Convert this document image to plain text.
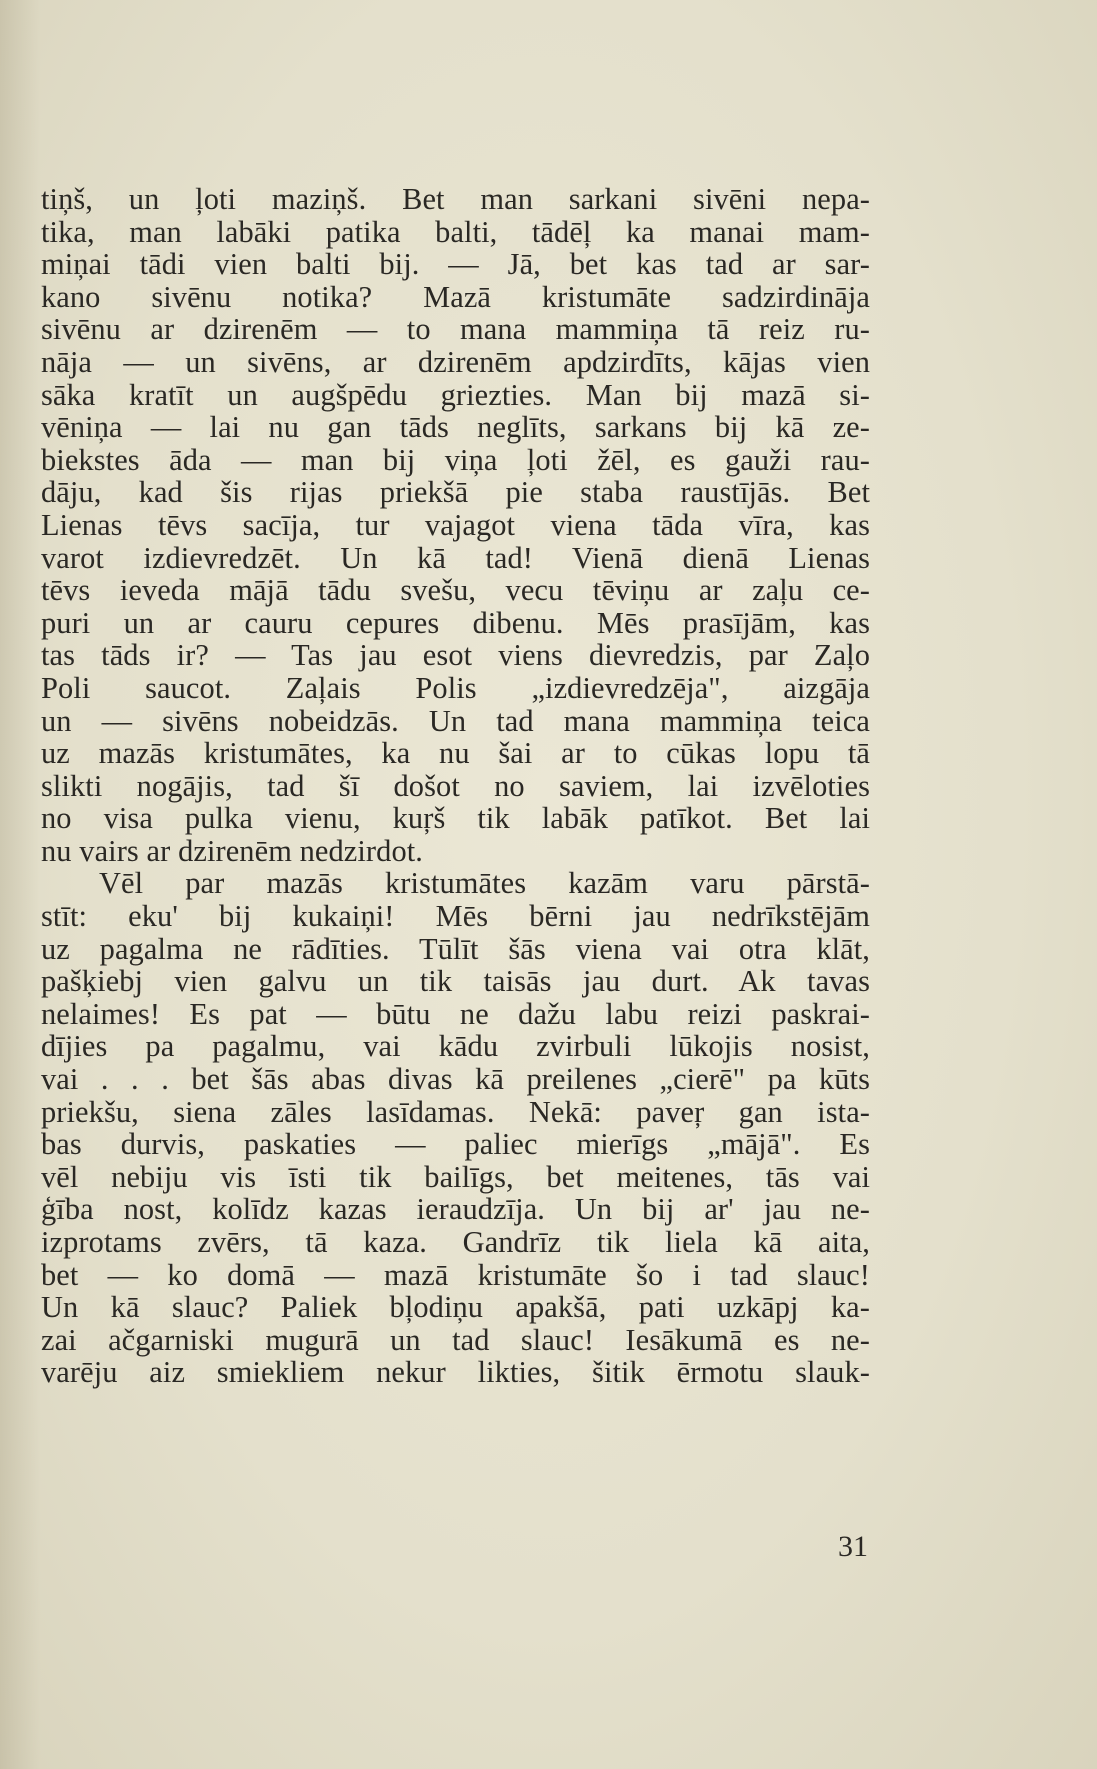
tiņš, un ļoti maziņš. Bet man sarkani sivēni nepa-
tika, man labāki patika balti, tādēļ ka manai mam-
miņai tādi vien balti bij. — Jā, bet kas tad ar sar-
kano sivēnu notika? Mazā kristumāte sadzirdināja
sivēnu ar dzirenēm — to mana mammiņa tā reiz ru-
nāja — un sivēns, ar dzirenēm apdzirdīts, kājas vien
sāka kratīt un augšpēdu griezties. Man bij mazā si-
vēniņa — lai nu gan tāds neglīts, sarkans bij kā ze-
biekstes āda — man bij viņa ļoti žēl, es gauži rau-
dāju, kad šis rijas priekšā pie staba raustījās. Bet
Lienas tēvs sacīja, tur vajagot viena tāda vīra, kas
varot izdievredzēt. Un kā tad! Vienā dienā Lienas
tēvs ieveda mājā tādu svešu, vecu tēviņu ar zaļu ce-
puri un ar cauru cepures dibenu. Mēs prasījām, kas
tas tāds ir? — Tas jau esot viens dievredzis, par Zaļo
Poli saucot. Zaļais Polis „izdievredzēja", aizgāja
un — sivēns nobeidzās. Un tad mana mammiņa teica
uz mazās kristumātes, ka nu šai ar to cūkas lopu tā
slikti nogājis, tad šī došot no saviem, lai izvēloties
no visa pulka vienu, kuŗš tik labāk patīkot. Bet lai
nu vairs ar dzirenēm nedzirdot.
Vēl par mazās kristumātes kazām varu pārstā-
stīt: eku' bij kukaiņi! Mēs bērni jau nedrīkstējām
uz pagalma ne rādīties. Tūlīt šās viena vai otra klāt,
pašķiebj vien galvu un tik taisās jau durt. Ak tavas
nelaimes! Es pat — būtu ne dažu labu reizi paskrai-
dījies pa pagalmu, vai kādu zvirbuli lūkojis nosist,
vai . . . bet šās abas divas kā preilenes „cierē" pa kūts
priekšu, siena zāles lasīdamas. Nekā: paveŗ gan ista-
bas durvis, paskaties — paliec mierīgs „mājā". Es
vēl nebiju vis īsti tik bailīgs, bet meitenes, tās vai
ģība nost, kolīdz kazas ieraudzīja. Un bij ar' jau ne-
izprotams zvērs, tā kaza. Gandrīz tik liela kā aita,
bet — ko domā — mazā kristumāte šo i tad slauc!
Un kā slauc? Paliek bļodiņu apakšā, pati uzkāpj ka-
zai ačgarniski mugurā un tad slauc! Iesākumā es ne-
varēju aiz smiekliem nekur likties, šitik ērmotu slauk-
31
